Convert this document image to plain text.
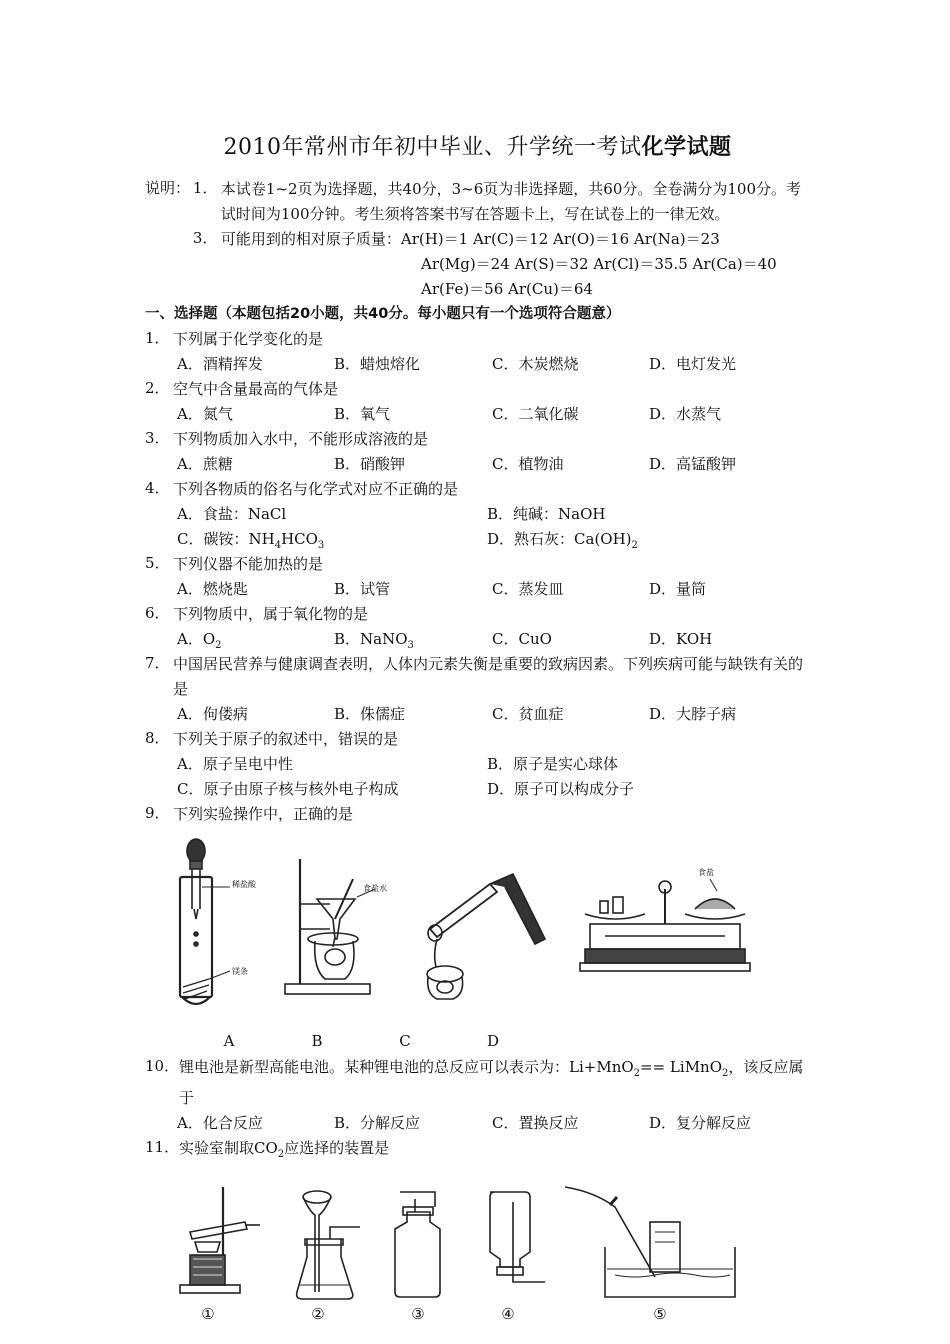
2010年常州市年初中毕业、升学统一考试化学试题
说明： 1． 本试卷1~2页为选择题，共40分，3~6页为非选择题，共60分。全卷满分为100分。考试时间为100分钟。考生须将答案书写在答题卡上，写在试卷上的一律无效。
3． 可能用到的相对原子质量：Ar(H)＝1 Ar(C)＝12 Ar(O)＝16 Ar(Na)＝23
Ar(Mg)＝24 Ar(S)＝32 Ar(Cl)＝35.5 Ar(Ca)＝40
Ar(Fe)＝56 Ar(Cu)＝64
一、选择题（本题包括20小题，共40分。每小题只有一个选项符合题意）
1． 下列属于化学变化的是
A．酒精挥发	B．蜡烛熔化	C．木炭燃烧	D．电灯发光
2． 空气中含量最高的气体是
A．氮气	B．氧气	C．二氧化碳	D．水蒸气
3． 下列物质加入水中，不能形成溶液的是
A．蔗糖	B．硝酸钾	C．植物油	D．高锰酸钾
4． 下列各物质的俗名与化学式对应不正确的是
A．食盐：NaCl	B．纯碱：NaOH
C．碳铵：$NH_4HCO_3$	D．熟石灰：$Ca(OH)_2$
5． 下列仪器不能加热的是
A．燃烧匙	B．试管	C．蒸发皿	D．量筒
6． 下列物质中，属于氧化物的是
A．$O_2$	B．NaNO$_3$	C．CuO	D．KOH
7． 中国居民营养与健康调查表明，人体内元素失衡是重要的致病因素。下列疾病可能与缺铁有关的是
A．佝偻病	B．侏儒症	C．贫血症	D．大脖子病
8． 下列关于原子的叙述中，错误的是
A．原子呈电中性	B．原子是实心球体
C．原子由原子核与核外电子构成	D．原子可以构成分子
9． 下列实验操作中，正确的是
稀盐酸
镁条
食盐水
食盐
A	B	C	D
10． 锂电池是新型高能电池。某种锂电池的总反应可以表示为：Li+MnO$_2$== LiMnO$_2$，该反应属于
A．化合反应	B．分解反应	C．置换反应	D．复分解反应
11． 实验室制取$CO_2$应选择的装置是
①	②	③	④	⑤
